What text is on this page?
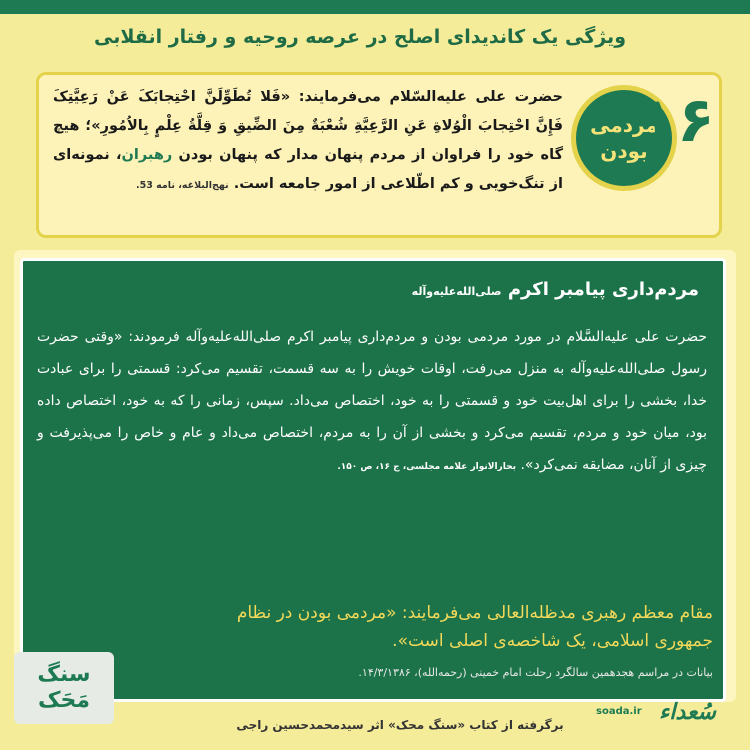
ویژگی یک کاندیدای اصلح در عرصه روحیه و رفتار انقلابی
حضرت علی علیه‌السّلام می‌فرمایند: «فَلا تُطَوِّلَنَّ احْتِجابَکَ عَنْ رَعِیَّتِکَ فَإِنَّ احْتِجابَ الْوُلاةِ عَنِ الرَّعِیَّةِ شُعْبَةٌ مِنَ الضِّیقِ وَ قِلَّةُ عِلْمٍ بِالاُمُورِ»؛ هیچ گاه خود را فراوان از مردم پنهان مدار که پنهان بودن رهبران، نمونه‌ای از تنگ‌خویی و کم اطّلاعی از امور جامعه است. نهج‌البلاغه، نامه 53.
مردمی
بودن
۱۶
مردم‌داری پیامبر اکرم صلی‌الله‌علیه‌وآله
حضرت علی علیه‌السَّلام در مورد مردمی بودن و مردم‌داری پیامبر اکرم صلی‌الله‌علیه‌وآله فرمودند: «وقتی حضرت رسول صلی‌الله‌علیه‌وآله به منزل می‌رفت، اوقات خویش را به سه قسمت، تقسیم می‌کرد: قسمتی را برای عبادت خدا، بخشی را برای اهل‌بیت خود و قسمتی را به خود، اختصاص می‌داد. سپس، زمانی را که به خود، اختصاص داده بود، میان خود و مردم، تقسیم می‌کرد و بخشی از آن را به مردم، اختصاص می‌داد و عام و خاص را می‌پذیرفت و چیزی از آنان، مضایقه نمی‌کرد». بحارالانوار علامه مجلسی، ج ۱۶، ص ۱۵۰.
مقام معظم رهبری مدظله‌العالی می‌فرمایند: «مردمی بودن در نظام جمهوری اسلامی، یک شاخصه‌ی اصلی است».
بیانات در مراسم هجدهمین سالگرد رحلت امام خمینی (رحمه‌الله)، ۱۴/۳/۱۳۸۶.
سنگ
مَحَک
برگرفته از کتاب «سنگ محک» اثر سیدمحمدحسین راجی	سُعداء
soada.ir
